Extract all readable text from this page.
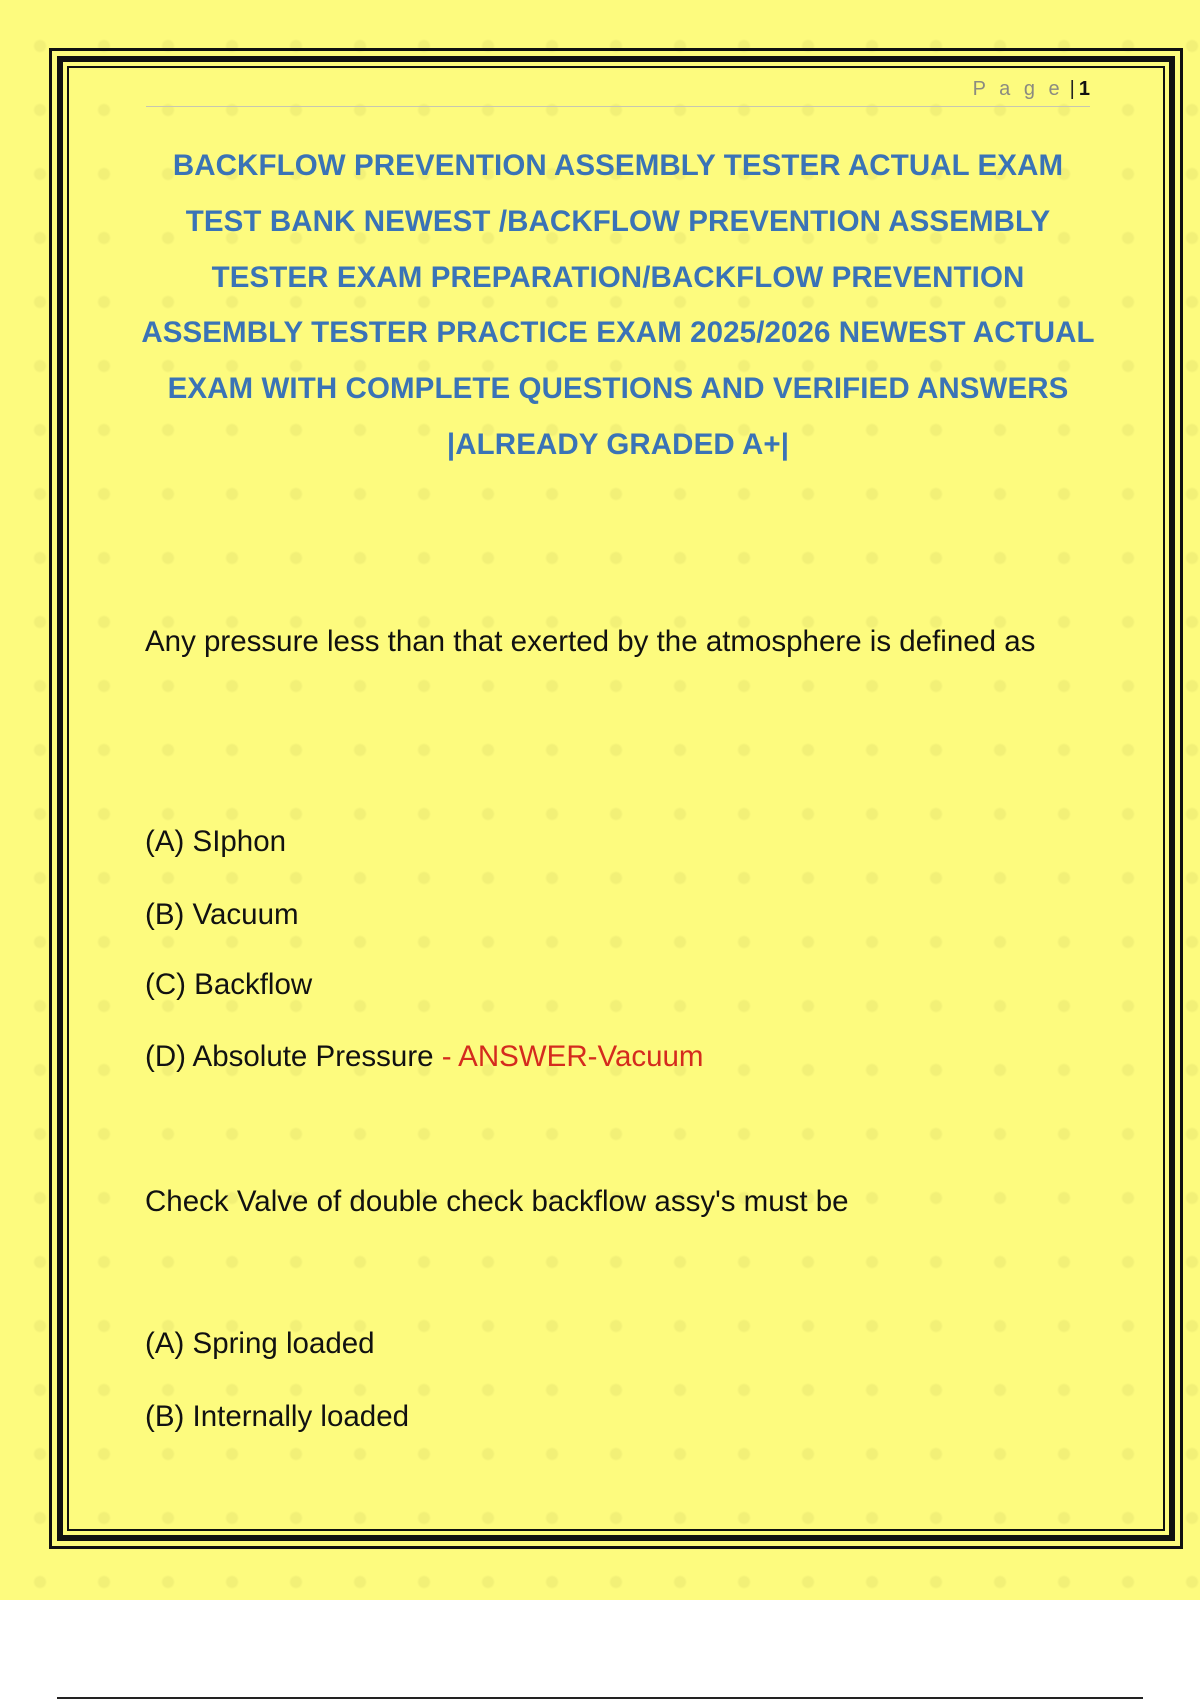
P a g e | 1
BACKFLOW PREVENTION ASSEMBLY TESTER ACTUAL EXAM TEST BANK NEWEST /BACKFLOW PREVENTION ASSEMBLY TESTER EXAM PREPARATION/BACKFLOW PREVENTION ASSEMBLY TESTER PRACTICE EXAM 2025/2026 NEWEST ACTUAL EXAM WITH COMPLETE QUESTIONS AND VERIFIED ANSWERS |ALREADY GRADED A+|

Any pressure less than that exerted by the atmosphere is defined as

(A) SIphon

(B) Vacuum

(C) Backflow

(D) Absolute Pressure - ANSWER-Vacuum

Check Valve of double check backflow assy's must be

(A) Spring loaded

(B) Internally loaded
